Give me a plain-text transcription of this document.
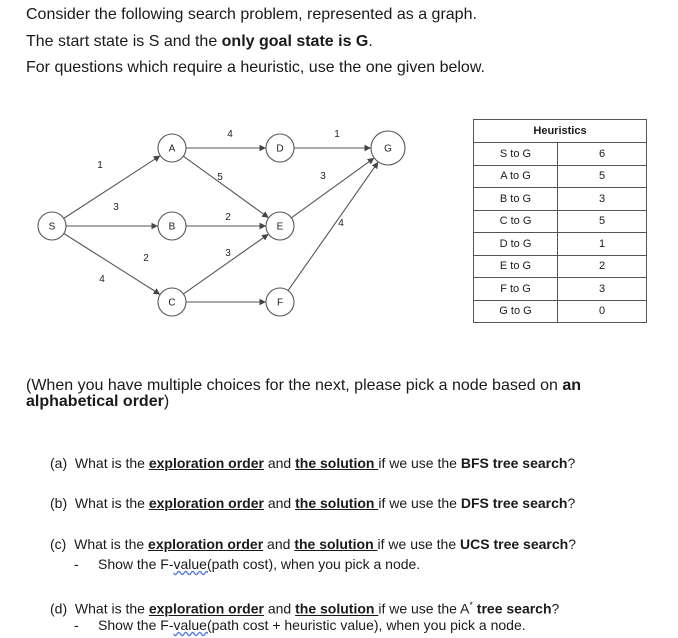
Consider the following search problem, represented as a graph.
The start state is S and the only goal state is G.
For questions which require a heuristic, use the one given below.
1
3
4
2
4
5
2
3
1
3
4
S
A
B
C
D
E
F
G
Heuristics	
S to G	6
A to G	5
B to G	3
C to G	5
D to G	1
E to G	2
F to G	3
G to G	0
(When you have multiple choices for the next, please pick a node based on an alphabetical order)
(a) What is the exploration order and the solution if we use the BFS tree search?
(b) What is the exploration order and the solution if we use the DFS tree search?
(c) What is the exploration order and the solution if we use the UCS tree search?
- Show the F-value(path cost), when you pick a node.
(d) What is the exploration order and the solution if we use the A* tree search?
- Show the F-value(path cost + heuristic value), when you pick a node.
